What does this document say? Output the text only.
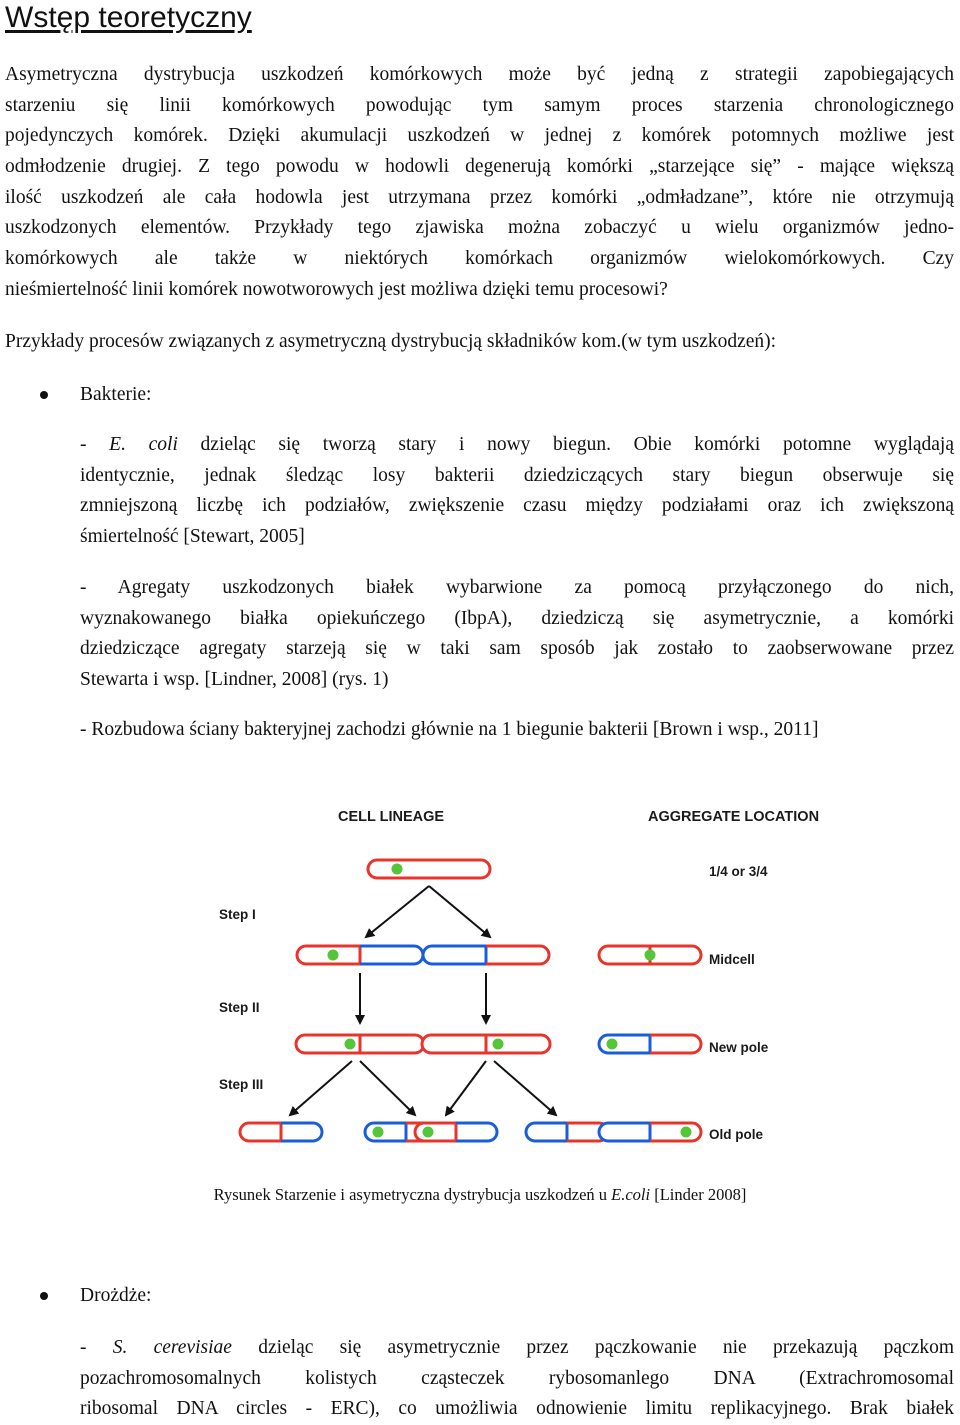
Wstęp teoretyczny
Asymetryczna dystrybucja uszkodzeń komórkowych może być jedną z strategii zapobiegających
starzeniu się linii komórkowych powodując tym samym proces starzenia chronologicznego
pojedynczych komórek. Dzięki akumulacji uszkodzeń w jednej z komórek potomnych możliwe jest
odmłodzenie drugiej. Z tego powodu w hodowli degenerują komórki „starzejące się” - mające większą
ilość uszkodzeń ale cała hodowla jest utrzymana przez komórki „odmładzane”, które nie otrzymują
uszkodzonych elementów. Przykłady tego zjawiska można zobaczyć u wielu organizmów jedno-
komórkowych ale także w niektórych komórkach organizmów wielokomórkowych. Czy
nieśmiertelność linii komórek nowotworowych jest możliwa dzięki temu procesowi?
Przykłady procesów związanych z asymetryczną dystrybucją składników kom.(w tym uszkodzeń):
Bakterie:
- E. coli dzieląc się tworzą stary i nowy biegun. Obie komórki potomne wyglądają
identycznie, jednak śledząc losy bakterii dziedziczących stary biegun obserwuje się
zmniejszoną liczbę ich podziałów, zwiększenie czasu między podziałami oraz ich zwiększoną
śmiertelność [Stewart, 2005]
- Agregaty uszkodzonych białek wybarwione za pomocą przyłączonego do nich,
wyznakowanego białka opiekuńczego (IbpA), dziedziczą się asymetrycznie, a komórki
dziedziczące agregaty starzeją się w taki sam sposób jak zostało to zaobserwowane przez
Stewarta i wsp. [Lindner, 2008] (rys. 1)
- Rozbudowa ściany bakteryjnej zachodzi głównie na 1 biegunie bakterii [Brown i wsp., 2011]
CELL LINEAGE	AGGREGATE LOCATION
Step I
Step II
Step III
1/4 or 3/4
Midcell
New pole
Old pole
Rysunek Starzenie i asymetryczna dystrybucja uszkodzeń u E.coli [Linder 2008]
Drożdże:
- S. cerevisiae dzieląc się asymetrycznie przez pączkowanie nie przekazują pączkom
pozachromosomalnych kolistych cząsteczek rybosomanlego DNA (Extrachromosomal
ribosomal DNA circles - ERC), co umożliwia odnowienie limitu replikacyjnego. Brak białek
